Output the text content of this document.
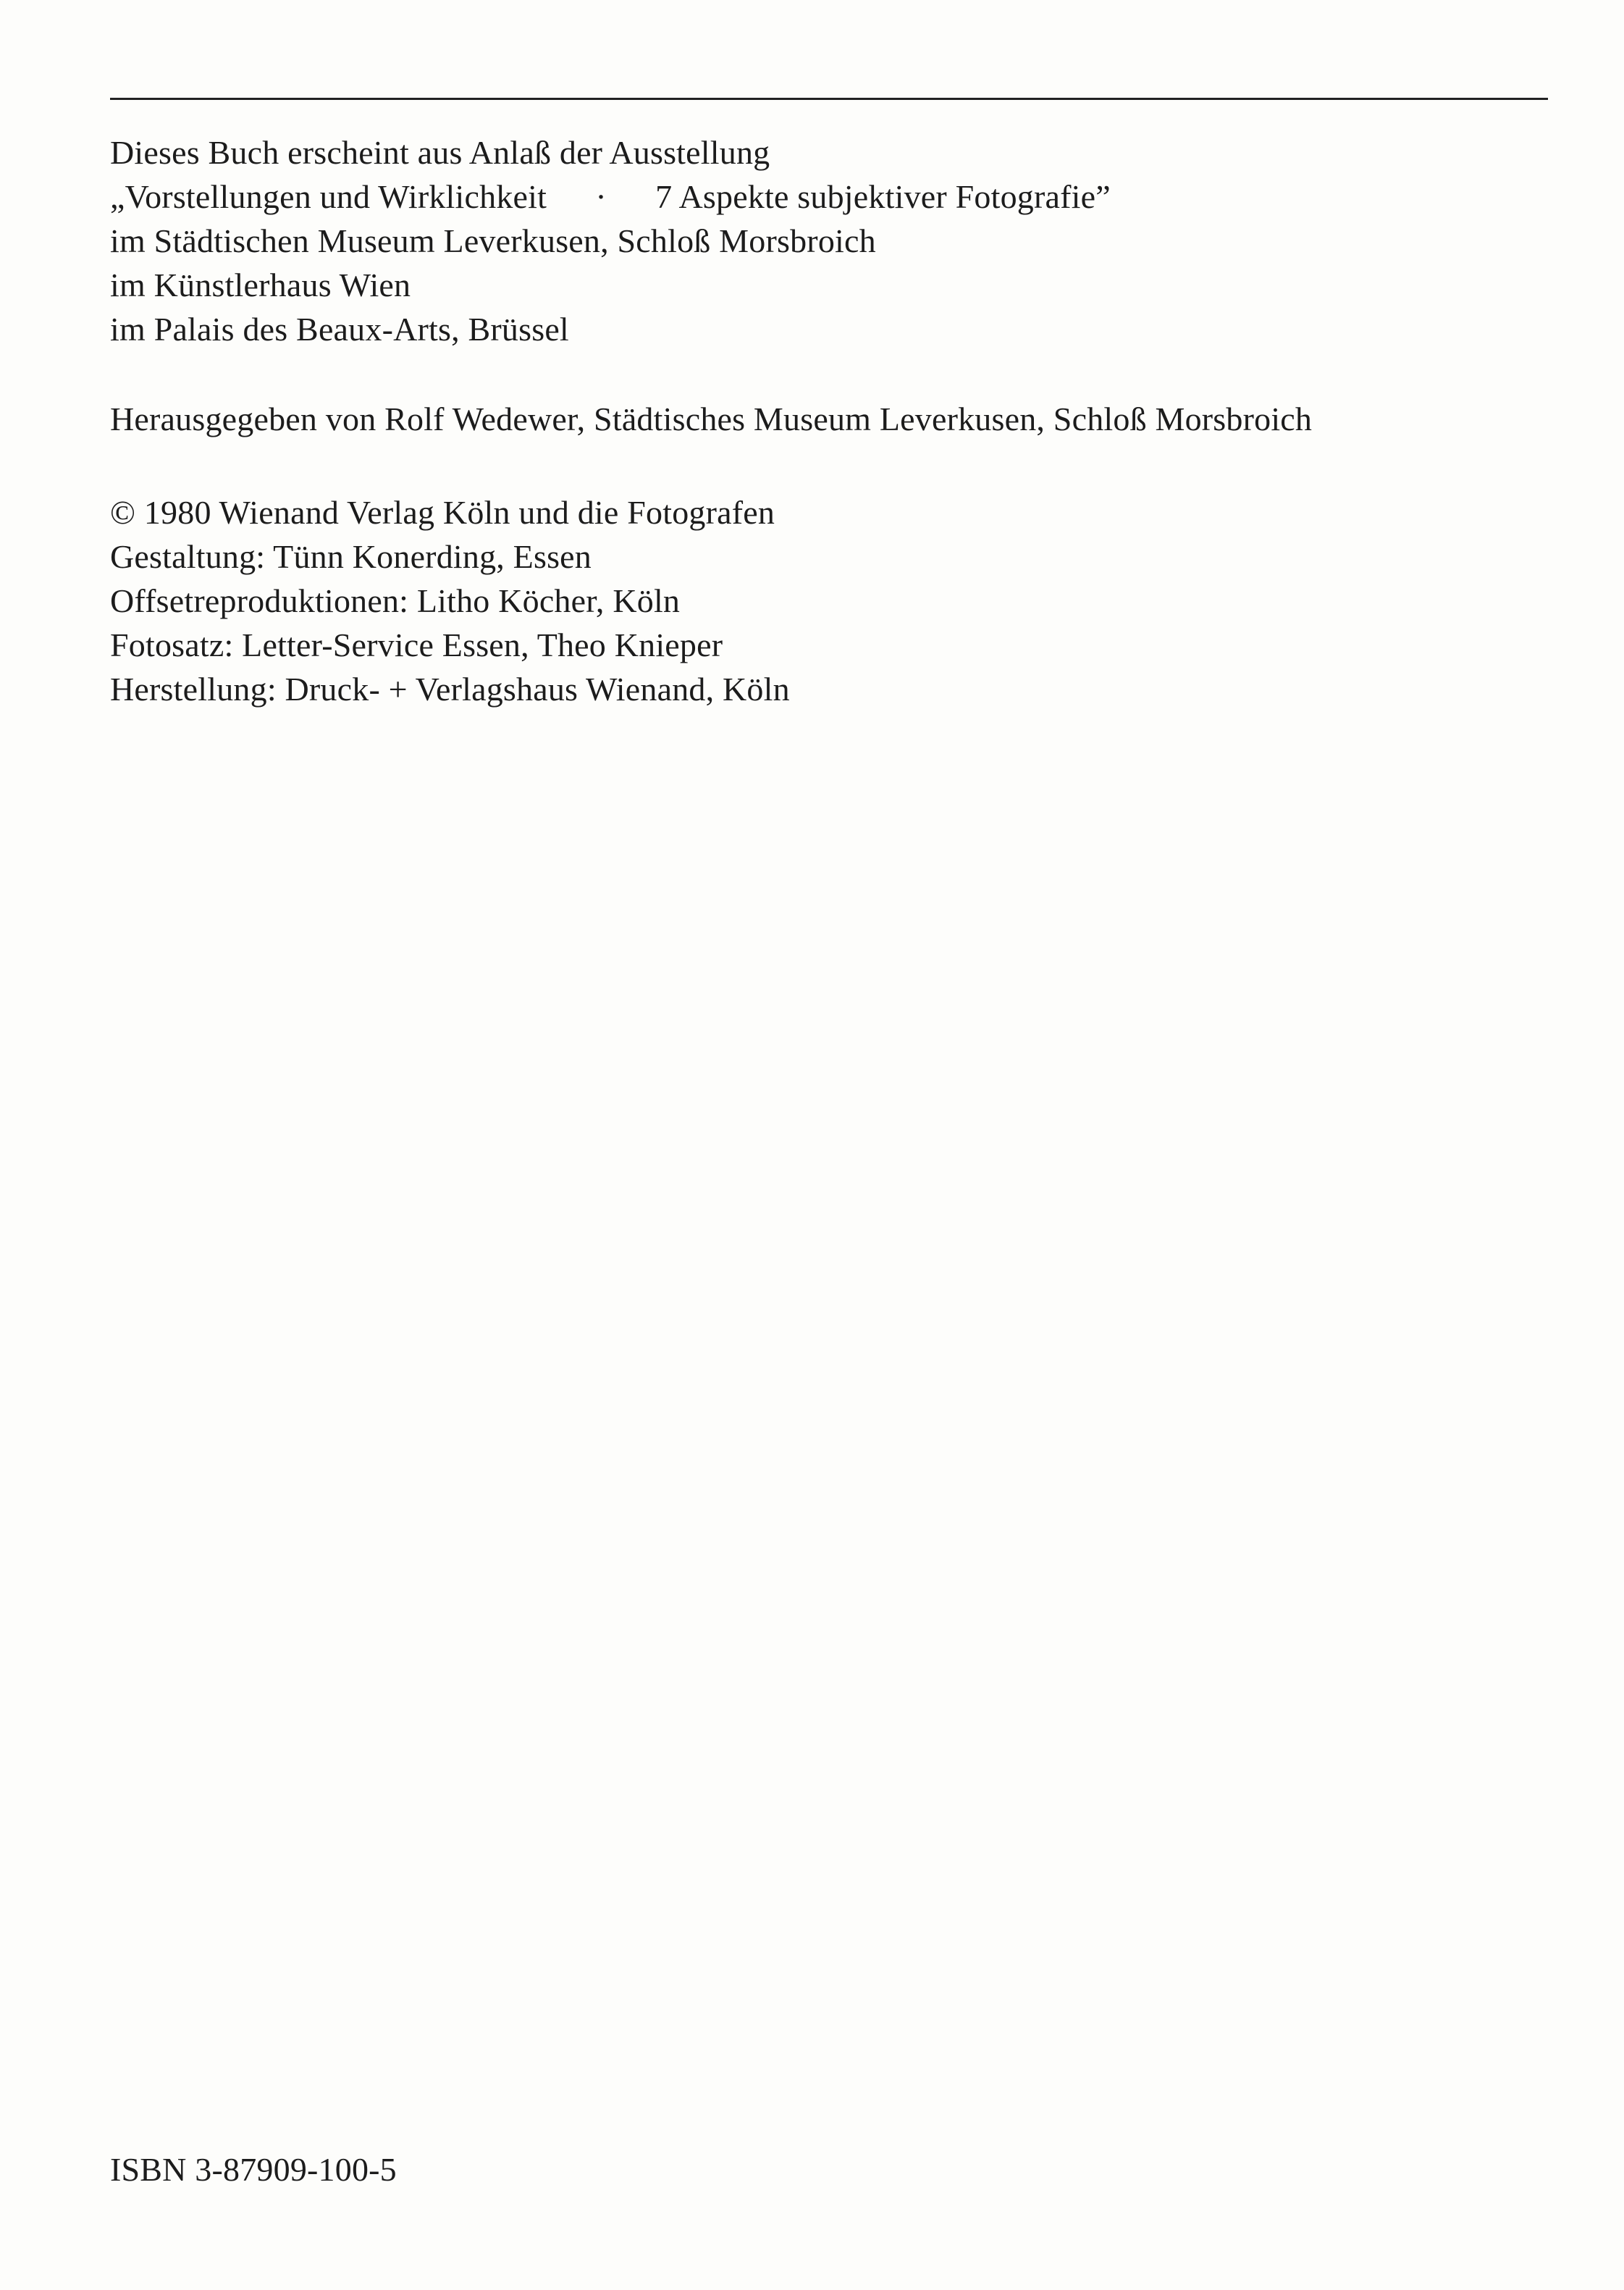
Dieses Buch erscheint aus Anlaß der Ausstellung
„Vorstellungen und Wirklichkeit · 7 Aspekte subjektiver Fotografie”
im Städtischen Museum Leverkusen, Schloß Morsbroich
im Künstlerhaus Wien
im Palais des Beaux-Arts, Brüssel
Herausgegeben von Rolf Wedewer, Städtisches Museum Leverkusen, Schloß Morsbroich
© 1980 Wienand Verlag Köln und die Fotografen
Gestaltung: Tünn Konerding, Essen
Offsetreproduktionen: Litho Köcher, Köln
Fotosatz: Letter-Service Essen, Theo Knieper
Herstellung: Druck- + Verlagshaus Wienand, Köln
ISBN 3-87909-100-5
